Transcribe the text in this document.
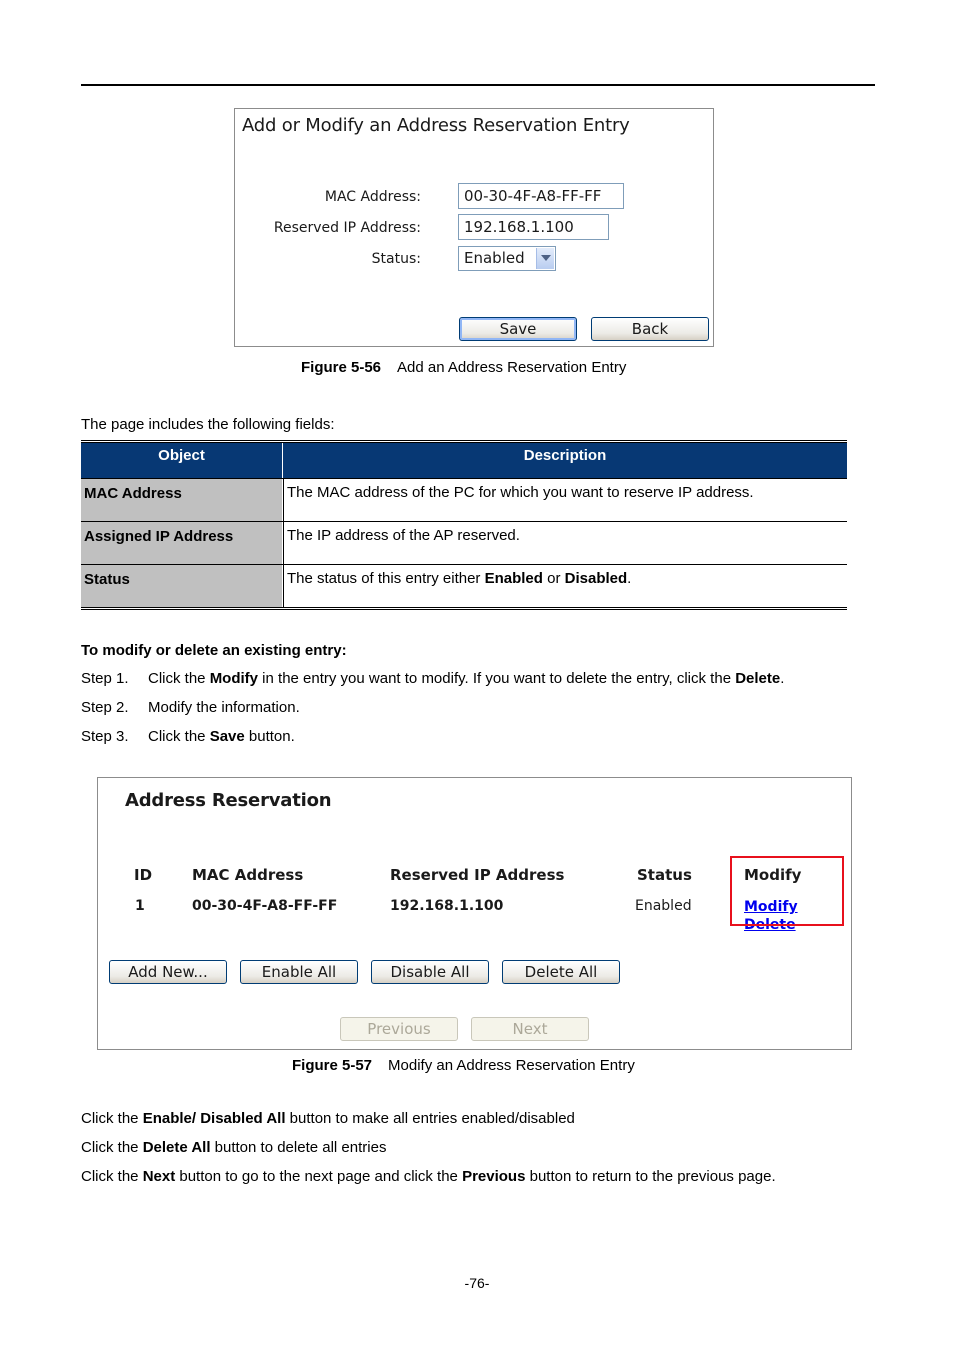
Add or Modify an Address Reservation Entry
MAC Address:	00-30-4F-A8-FF-FF
Reserved IP Address:	192.168.1.100
Status:	Enabled
Save	Back
Figure 5-56 Add an Address Reservation Entry
The page includes the following fields:
Object	Description
MAC Address	The MAC address of the PC for which you want to reserve IP address.
Assigned IP Address	The IP address of the AP reserved.
Status	The status of this entry either Enabled or Disabled.
To modify or delete an existing entry:
Step 1. Click the Modify in the entry you want to modify. If you want to delete the entry, click the Delete.
Step 2. Modify the information.
Step 3. Click the Save button.
Address Reservation
ID	MAC Address	Reserved IP Address	Status	Modify
1	00-30-4F-A8-FF-FF	192.168.1.100	Enabled	Modify Delete
Add New...	Enable All	Disable All	Delete All
Previous	Next
Figure 5-57 Modify an Address Reservation Entry
Click the Enable/ Disabled All button to make all entries enabled/disabled
Click the Delete All button to delete all entries
Click the Next button to go to the next page and click the Previous button to return to the previous page.
-76-
